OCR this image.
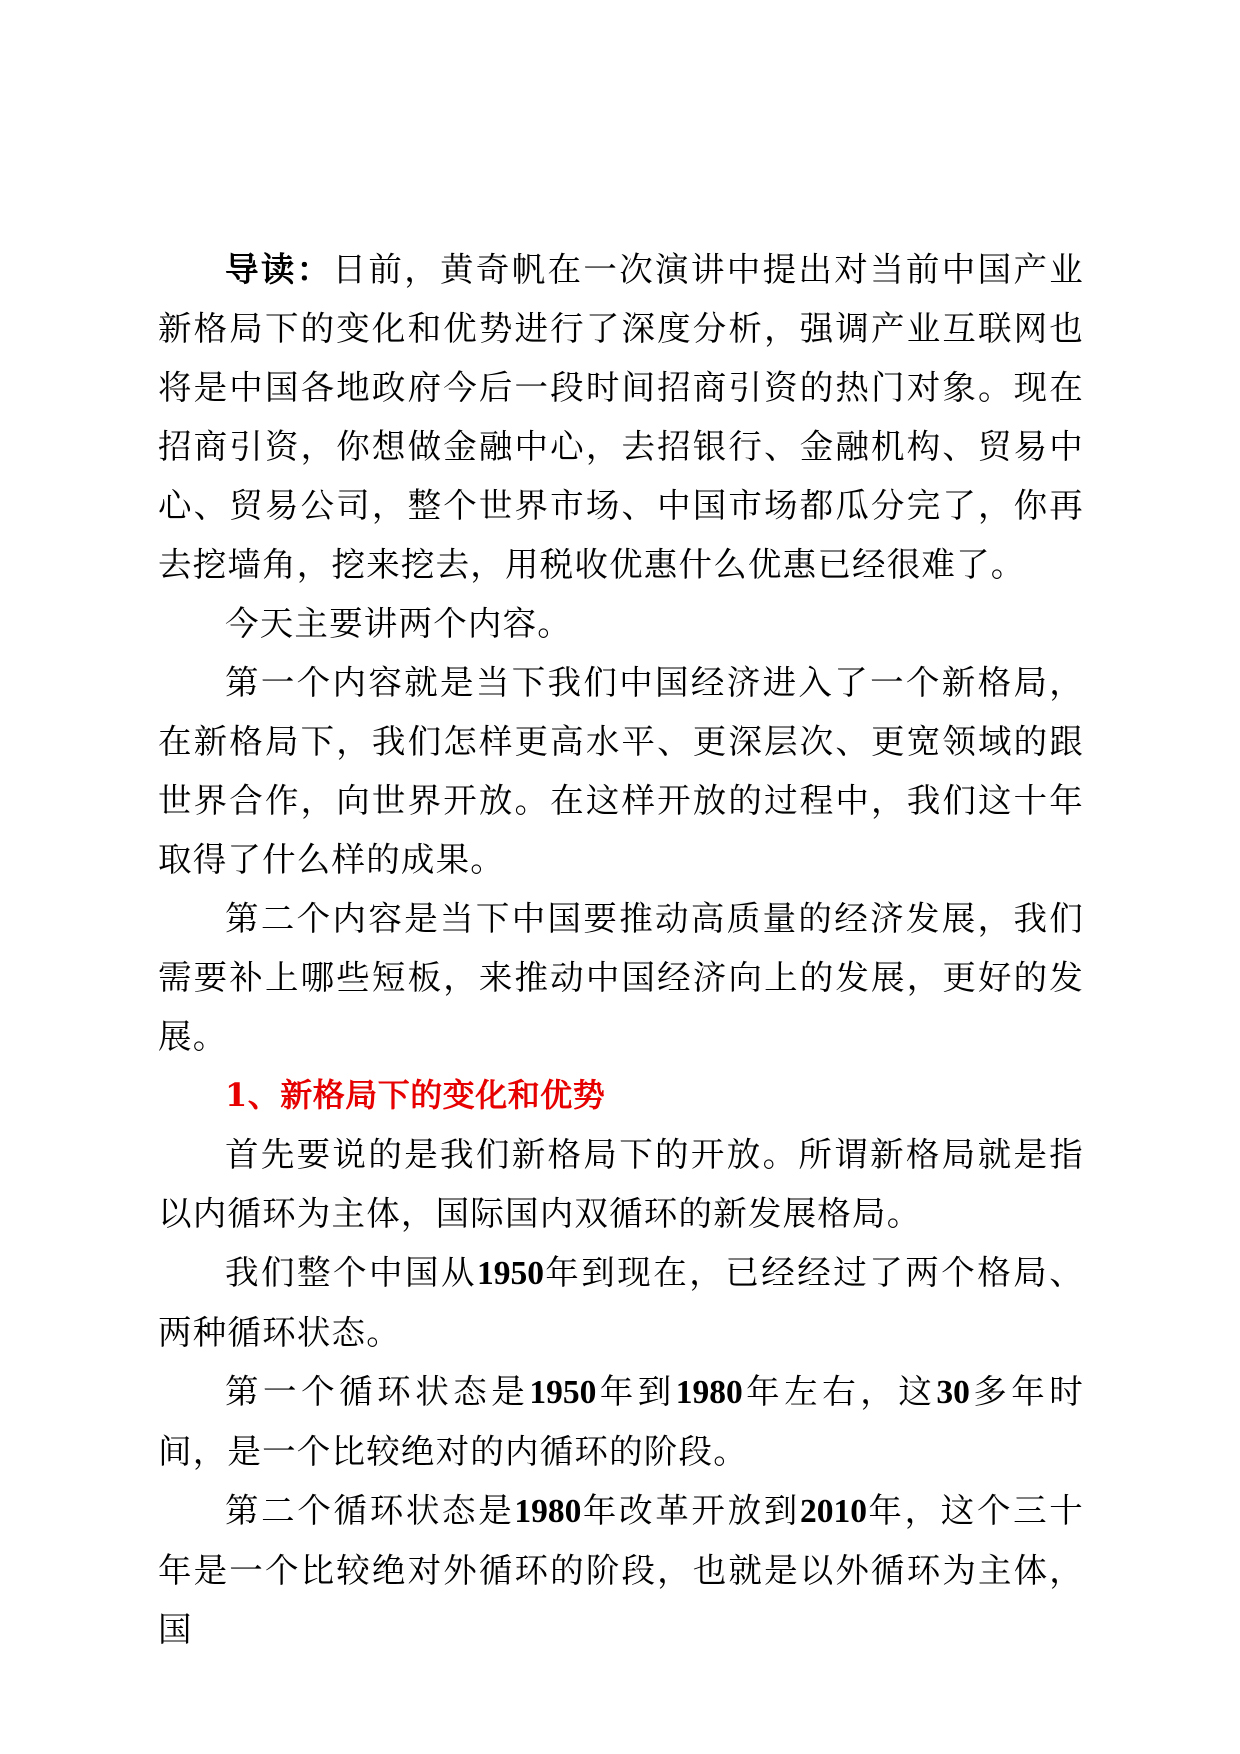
导读：日前，黄奇帆在一次演讲中提出对当前中国产业新格局下的变化和优势进行了深度分析，强调产业互联网也将是中国各地政府今后一段时间招商引资的热门对象。现在招商引资，你想做金融中心，去招银行、金融机构、贸易中心、贸易公司，整个世界市场、中国市场都瓜分完了，你再去挖墙角，挖来挖去，用税收优惠什么优惠已经很难了。

今天主要讲两个内容。

第一个内容就是当下我们中国经济进入了一个新格局，在新格局下，我们怎样更高水平、更深层次、更宽领域的跟世界合作，向世界开放。在这样开放的过程中，我们这十年取得了什么样的成果。

第二个内容是当下中国要推动高质量的经济发展，我们需要补上哪些短板，来推动中国经济向上的发展，更好的发展。

1、新格局下的变化和优势

首先要说的是我们新格局下的开放。所谓新格局就是指以内循环为主体，国际国内双循环的新发展格局。

我们整个中国从1950年到现在，已经经过了两个格局、两种循环状态。

第一个循环状态是1950年到1980年左右，这30多年时间，是一个比较绝对的内循环的阶段。

第二个循环状态是1980年改革开放到2010年，这个三十年是一个比较绝对外循环的阶段，也就是以外循环为主体，国
